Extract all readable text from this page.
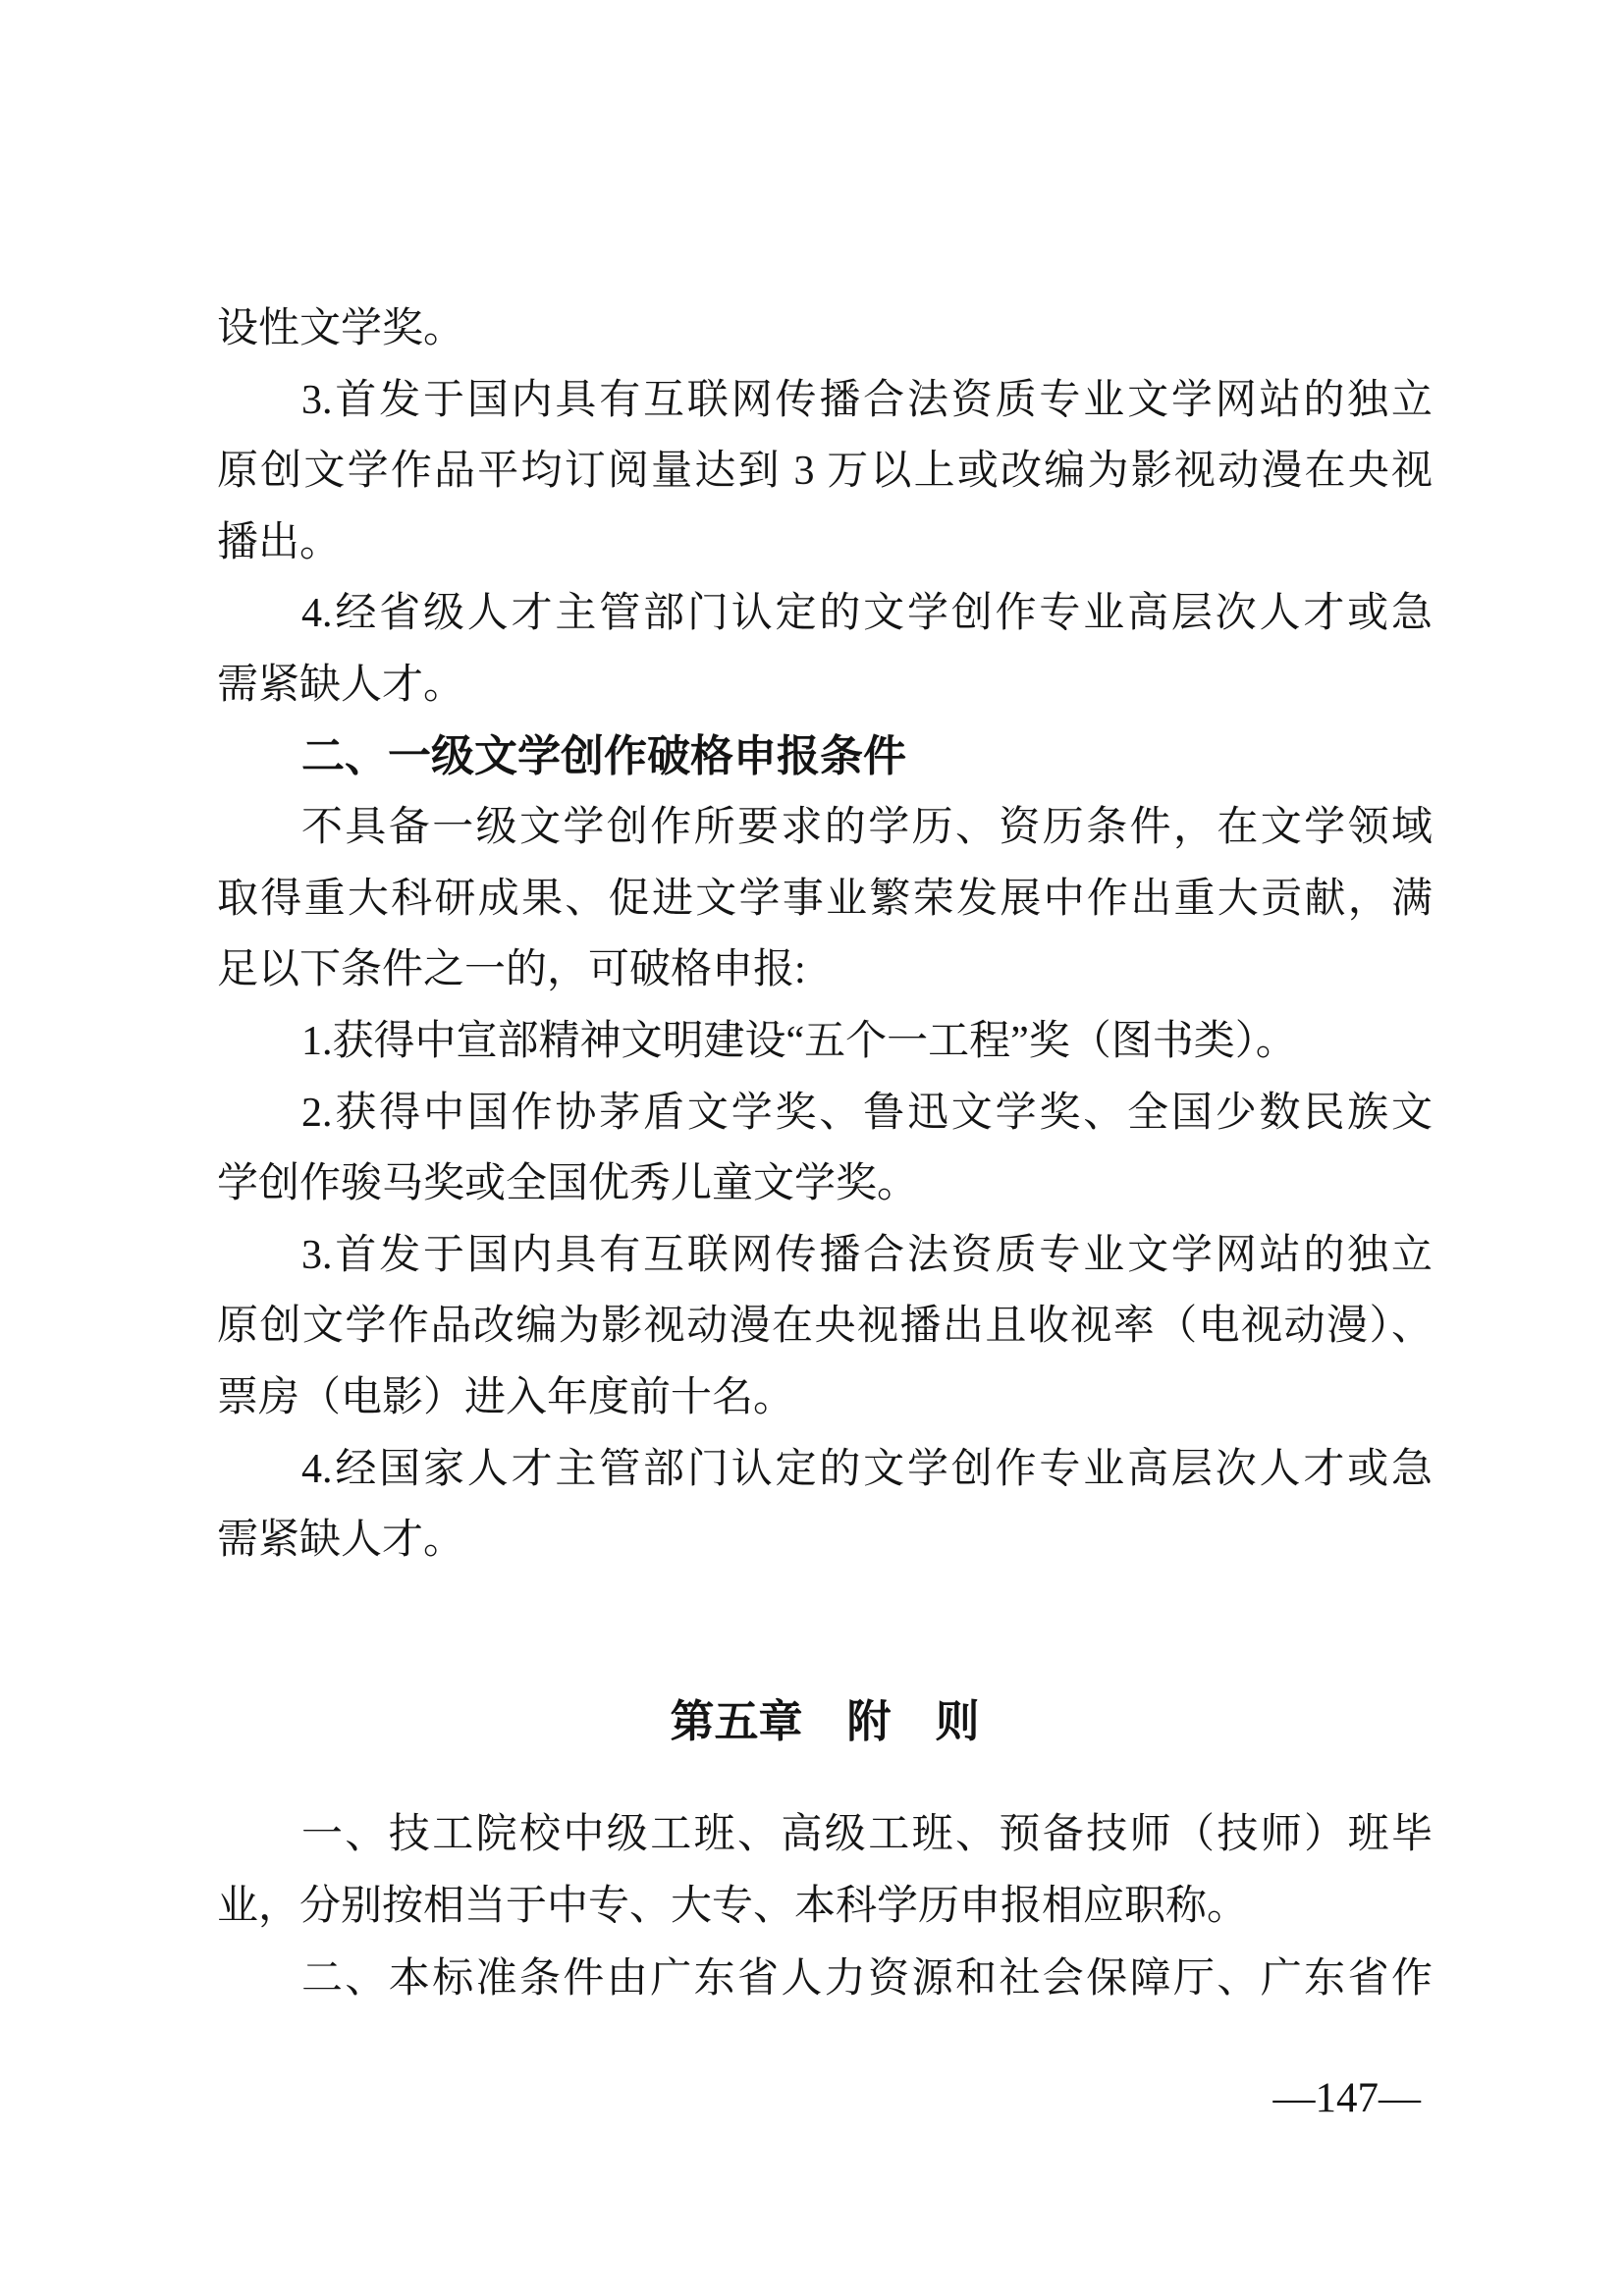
设性文学奖。
3.首发于国内具有互联网传播合法资质专业文学网站的独立
原创文学作品平均订阅量达到 3 万以上或改编为影视动漫在央视
播出。
4.经省级人才主管部门认定的文学创作专业高层次人才或急
需紧缺人才。
二、一级文学创作破格申报条件
不具备一级文学创作所要求的学历、资历条件，在文学领域
取得重大科研成果、促进文学事业繁荣发展中作出重大贡献，满
足以下条件之一的，可破格申报:
1.获得中宣部精神文明建设“五个一工程”奖（图书类）。
2.获得中国作协茅盾文学奖、鲁迅文学奖、全国少数民族文
学创作骏马奖或全国优秀儿童文学奖。
3.首发于国内具有互联网传播合法资质专业文学网站的独立
原创文学作品改编为影视动漫在央视播出且收视率（电视动漫）、
票房（电影）进入年度前十名。
4.经国家人才主管部门认定的文学创作专业高层次人才或急
需紧缺人才。
第五章　附　则
一、技工院校中级工班、高级工班、预备技师（技师）班毕
业，分别按相当于中专、大专、本科学历申报相应职称。
二、本标准条件由广东省人力资源和社会保障厅、广东省作
—147—
